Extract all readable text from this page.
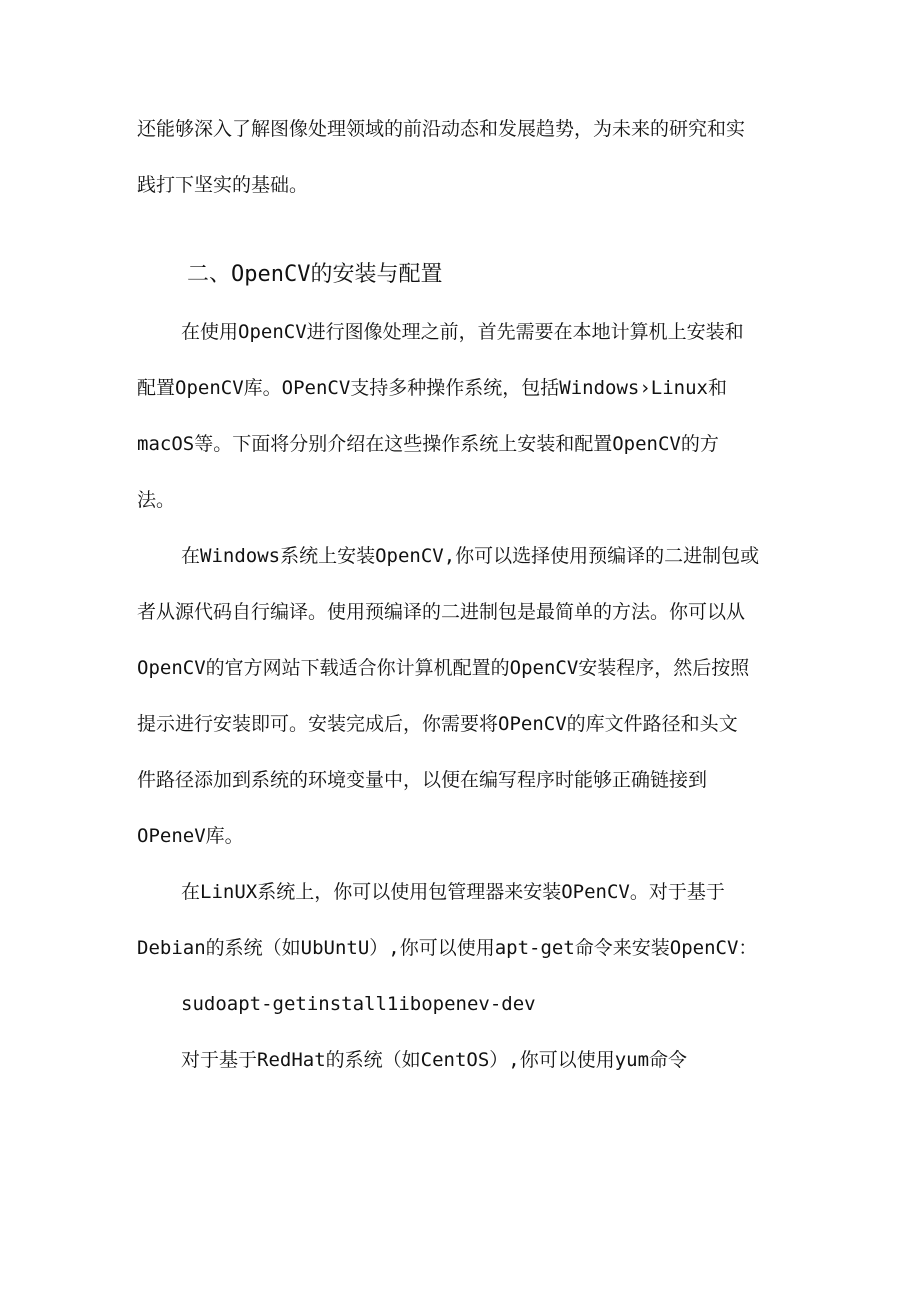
还能够深入了解图像处理领域的前沿动态和发展趋势，为未来的研究和实
践打下坚实的基础。
二、OpenCV的安装与配置
在使用OpenCV进行图像处理之前，首先需要在本地计算机上安装和
配置OpenCV库。OPenCV支持多种操作系统，包括Windows›Linux和
macOS等。下面将分别介绍在这些操作系统上安装和配置OpenCV的方
法。
在Windows系统上安装OpenCV,你可以选择使用预编译的二进制包或
者从源代码自行编译。使用预编译的二进制包是最简单的方法。你可以从
OpenCV的官方网站下载适合你计算机配置的OpenCV安装程序，然后按照
提示进行安装即可。安装完成后，你需要将OPenCV的库文件路径和头文
件路径添加到系统的环境变量中，以便在编写程序时能够正确链接到
OPeneV库。
在LinUX系统上，你可以使用包管理器来安装OPenCV。对于基于
Debian的系统（如UbUntU）,你可以使用apt-get命令来安装OpenCV：
sudoapt-getinstall1ibopenev-dev
对于基于RedHat的系统（如CentOS）,你可以使用yum命令
